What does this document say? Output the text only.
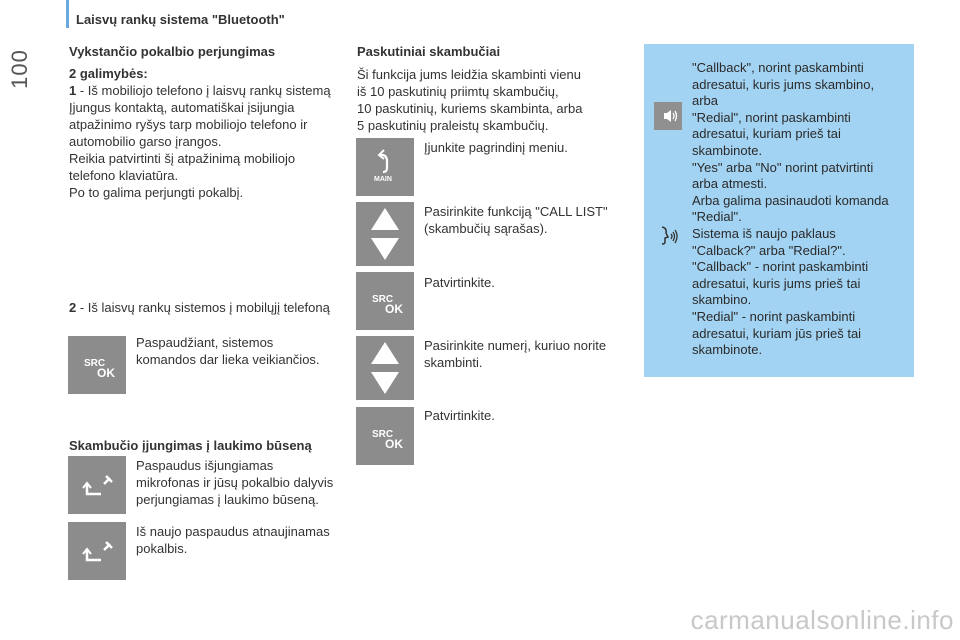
100
Laisvų rankų sistema "Bluetooth"
Vykstančio pokalbio perjungimas
2 galimybės:
1 - Iš mobiliojo telefono į laisvų rankų sistemą
Įjungus kontaktą, automatiškai įsijungia
atpažinimo ryšys tarp mobiliojo telefono ir
automobilio garso įrangos.
Reikia patvirtinti šį atpažinimą mobiliojo
telefono klaviatūra.
Po to galima perjungti pokalbį.
2 - Iš laisvų rankų sistemos į mobilųjį telefoną
SRC
OK
Paspaudžiant, sistemos
komandos dar lieka veikiančios.
Skambučio įjungimas į laukimo būseną
Paspaudus išjungiamas
mikrofonas ir jūsų pokalbio dalyvis
perjungiamas į laukimo būseną.
Iš naujo paspaudus atnaujinamas
pokalbis.
Paskutiniai skambučiai
Ši funkcija jums leidžia skambinti vienu
iš 10 paskutinių priimtų skambučių,
10 paskutinių, kuriems skambinta, arba
5 paskutinių praleistų skambučių.
MAIN
Įjunkite pagrindinį meniu.
Pasirinkite funkciją "CALL LIST"
(skambučių sąrašas).
SRC
OK
Patvirtinkite.
Pasirinkite numerį, kuriuo norite
skambinti.
SRC
OK
Patvirtinkite.
"Callback", norint paskambinti
adresatui, kuris jums skambino,
arba
"Redial", norint paskambinti
adresatui, kuriam prieš tai
skambinote.
"Yes" arba "No" norint patvirtinti
arba atmesti.
Arba galima pasinaudoti komanda
"Redial".
Sistema iš naujo paklaus
"Calback?" arba "Redial?".
"Callback" - norint paskambinti
adresatui, kuris jums prieš tai
skambino.
"Redial" - norint paskambinti
adresatui, kuriam jūs prieš tai
skambinote.
carmanualsonline.info
